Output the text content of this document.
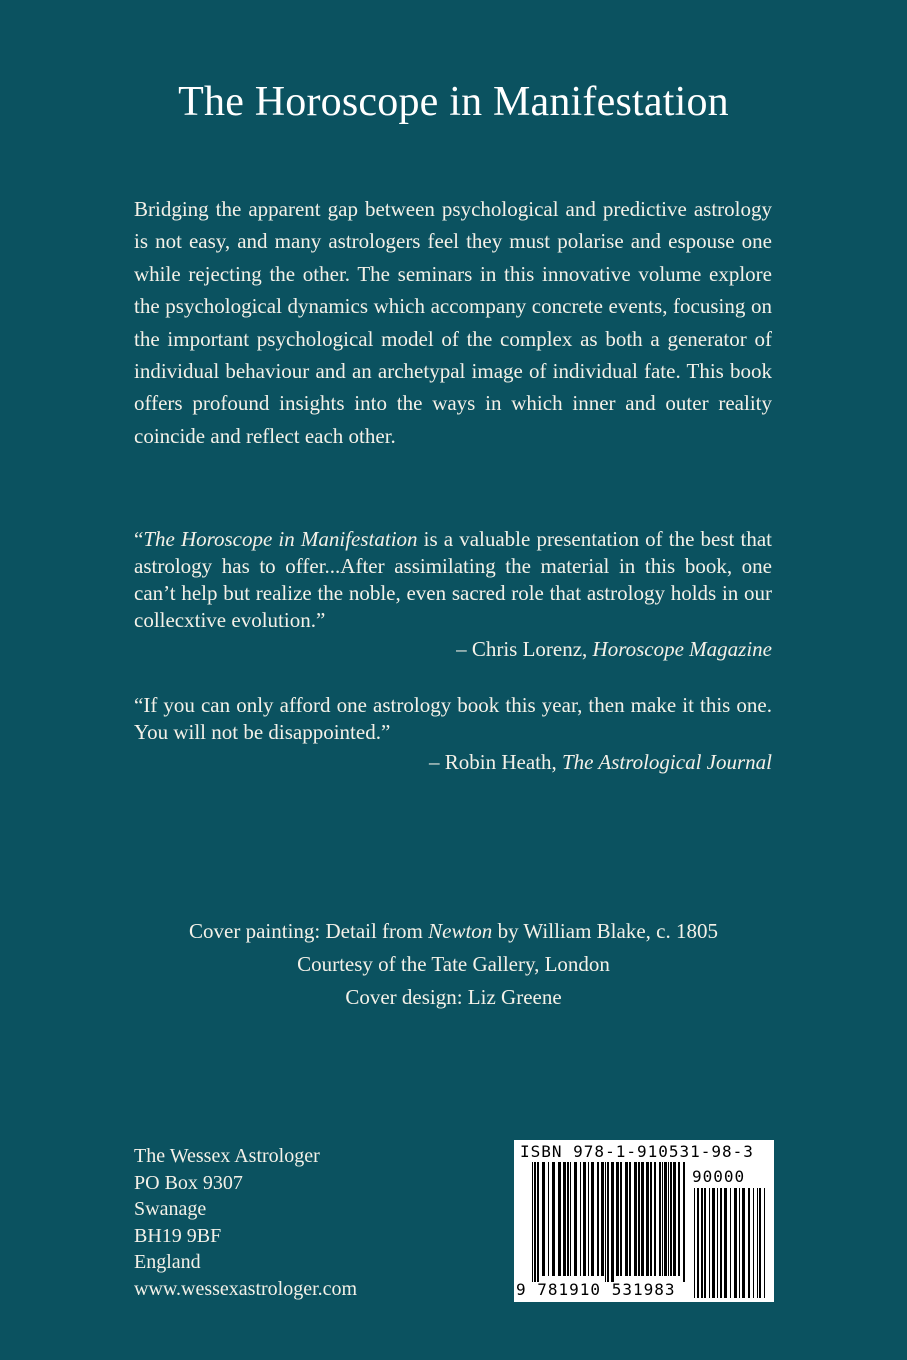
The Horoscope in Manifestation

Bridging the apparent gap between psychological and predictive astrology is not easy, and many astrologers feel they must polarise and espouse one while rejecting the other. The seminars in this innovative volume explore the psychological dynamics which accompany concrete events, focusing on the important psychological model of the complex as both a generator of individual behaviour and an archetypal image of individual fate. This book offers profound insights into the ways in which inner and outer reality coincide and reflect each other.

“The Horoscope in Manifestation is a valuable presentation of the best that astrology has to offer...After assimilating the material in this book, one can’t help but realize the noble, even sacred role that astrology holds in our collecxtive evolution.”

– Chris Lorenz, Horoscope Magazine

“If you can only afford one astrology book this year, then make it this one. You will not be disappointed.”

– Robin Heath, The Astrological Journal

Cover painting: Detail from Newton by William Blake, c. 1805
Courtesy of the Tate Gallery, London
Cover design: Liz Greene
The Wessex Astrologer
PO Box 9307
Swanage
BH19 9BF
England
www.wessexastrologer.com
ISBN 978-1-910531-98-3
90000
9 781910 531983
